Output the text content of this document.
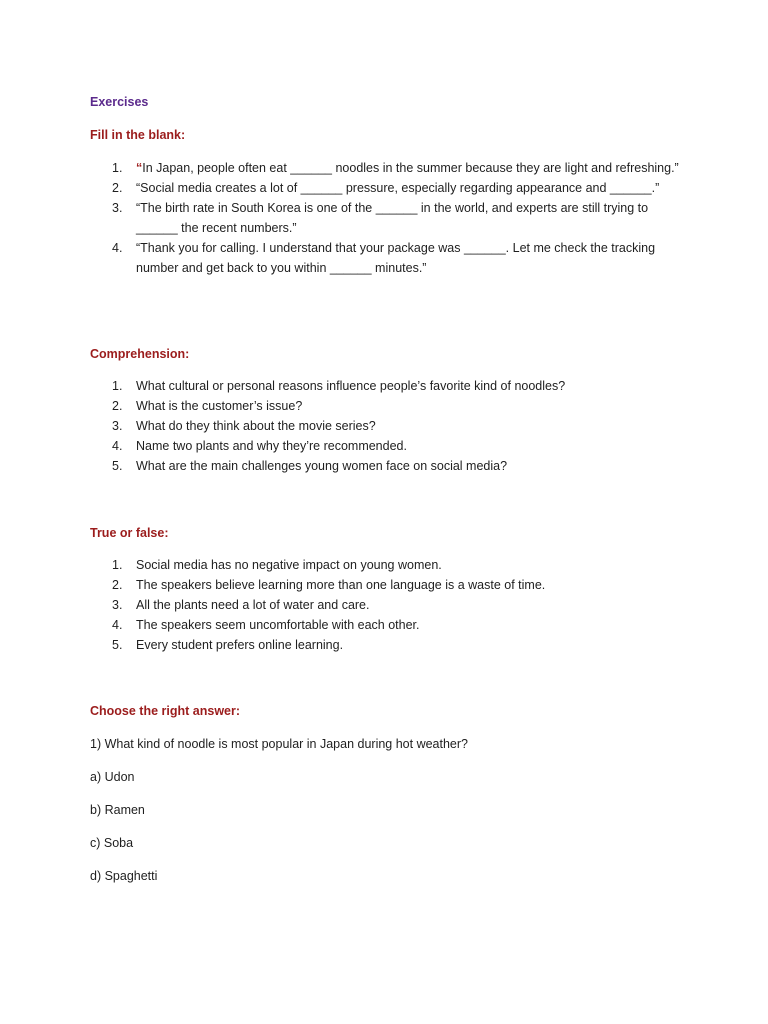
Exercises
Fill in the blank:
1.	“In Japan, people often eat ______ noodles in the summer because they are light and refreshing.”
2.	“Social media creates a lot of ______ pressure, especially regarding appearance and ______.”
3.	“The birth rate in South Korea is one of the ______ in the world, and experts are still trying to ______ the recent numbers.”
4.	“Thank you for calling. I understand that your package was ______. Let me check the tracking number and get back to you within ______ minutes.”
Comprehension:
1.	What cultural or personal reasons influence people’s favorite kind of noodles?
2.	What is the customer’s issue?
3.	What do they think about the movie series?
4.	Name two plants and why they’re recommended.
5.	What are the main challenges young women face on social media?
True or false:
1.	Social media has no negative impact on young women.
2.	The speakers believe learning more than one language is a waste of time.
3.	All the plants need a lot of water and care.
4.	The speakers seem uncomfortable with each other.
5.	Every student prefers online learning.
Choose the right answer:

1) What kind of noodle is most popular in Japan during hot weather?

a) Udon

b) Ramen

c) Soba

d) Spaghetti
